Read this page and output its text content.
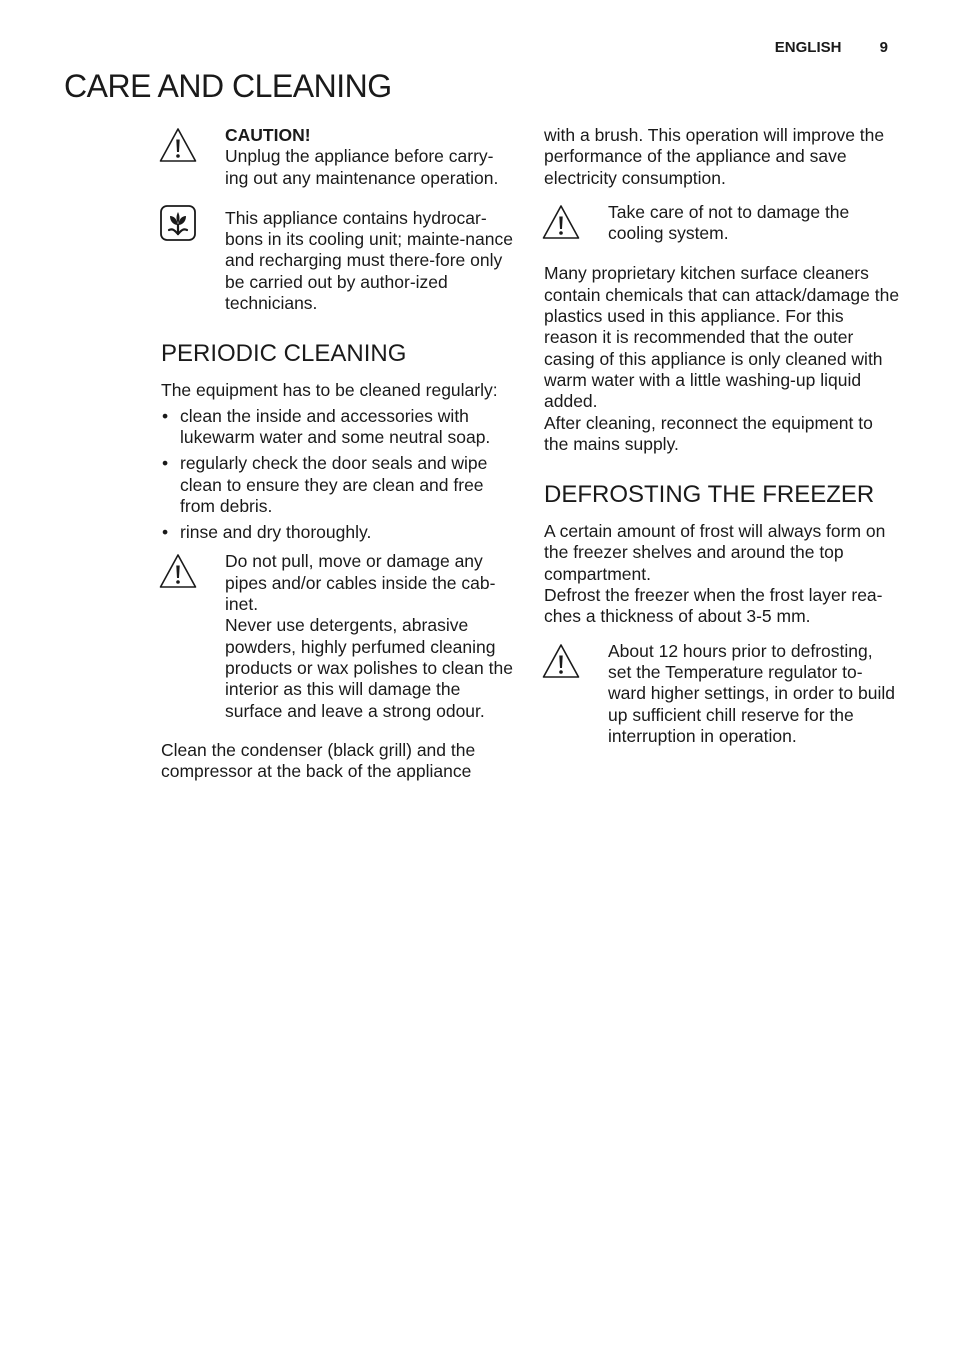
ENGLISH	9
CARE AND CLEANING

CAUTION!

Unplug the appliance before carry-ing out any maintenance operation.

This appliance contains hydrocar-bons in its cooling unit; mainte-nance and recharging must there-fore only be carried out by author-ized technicians.

PERIODIC CLEANING

The equipment has to be cleaned regularly:

• clean the inside and accessories with lukewarm water and some neutral soap.
• regularly check the door seals and wipe clean to ensure they are clean and free from debris.
• rinse and dry thoroughly.

Do not pull, move or damage any pipes and/or cables inside the cab-inet.

Never use detergents, abrasive powders, highly perfumed cleaning products or wax polishes to clean the interior as this will damage the surface and leave a strong odour.

Clean the condenser (black grill) and the compressor at the back of the appliance

with a brush. This operation will improve the performance of the appliance and save electricity consumption.

Take care of not to damage the cooling system.

Many proprietary kitchen surface cleaners contain chemicals that can attack/damage the plastics used in this appliance. For this reason it is recommended that the outer casing of this appliance is only cleaned with warm water with a little washing-up liquid added.

After cleaning, reconnect the equipment to the mains supply.

DEFROSTING THE FREEZER

A certain amount of frost will always form on the freezer shelves and around the top compartment.

Defrost the freezer when the frost layer rea-ches a thickness of about 3-5 mm.

About 12 hours prior to defrosting, set the Temperature regulator to-ward higher settings, in order to build up sufficient chill reserve for the interruption in operation.
